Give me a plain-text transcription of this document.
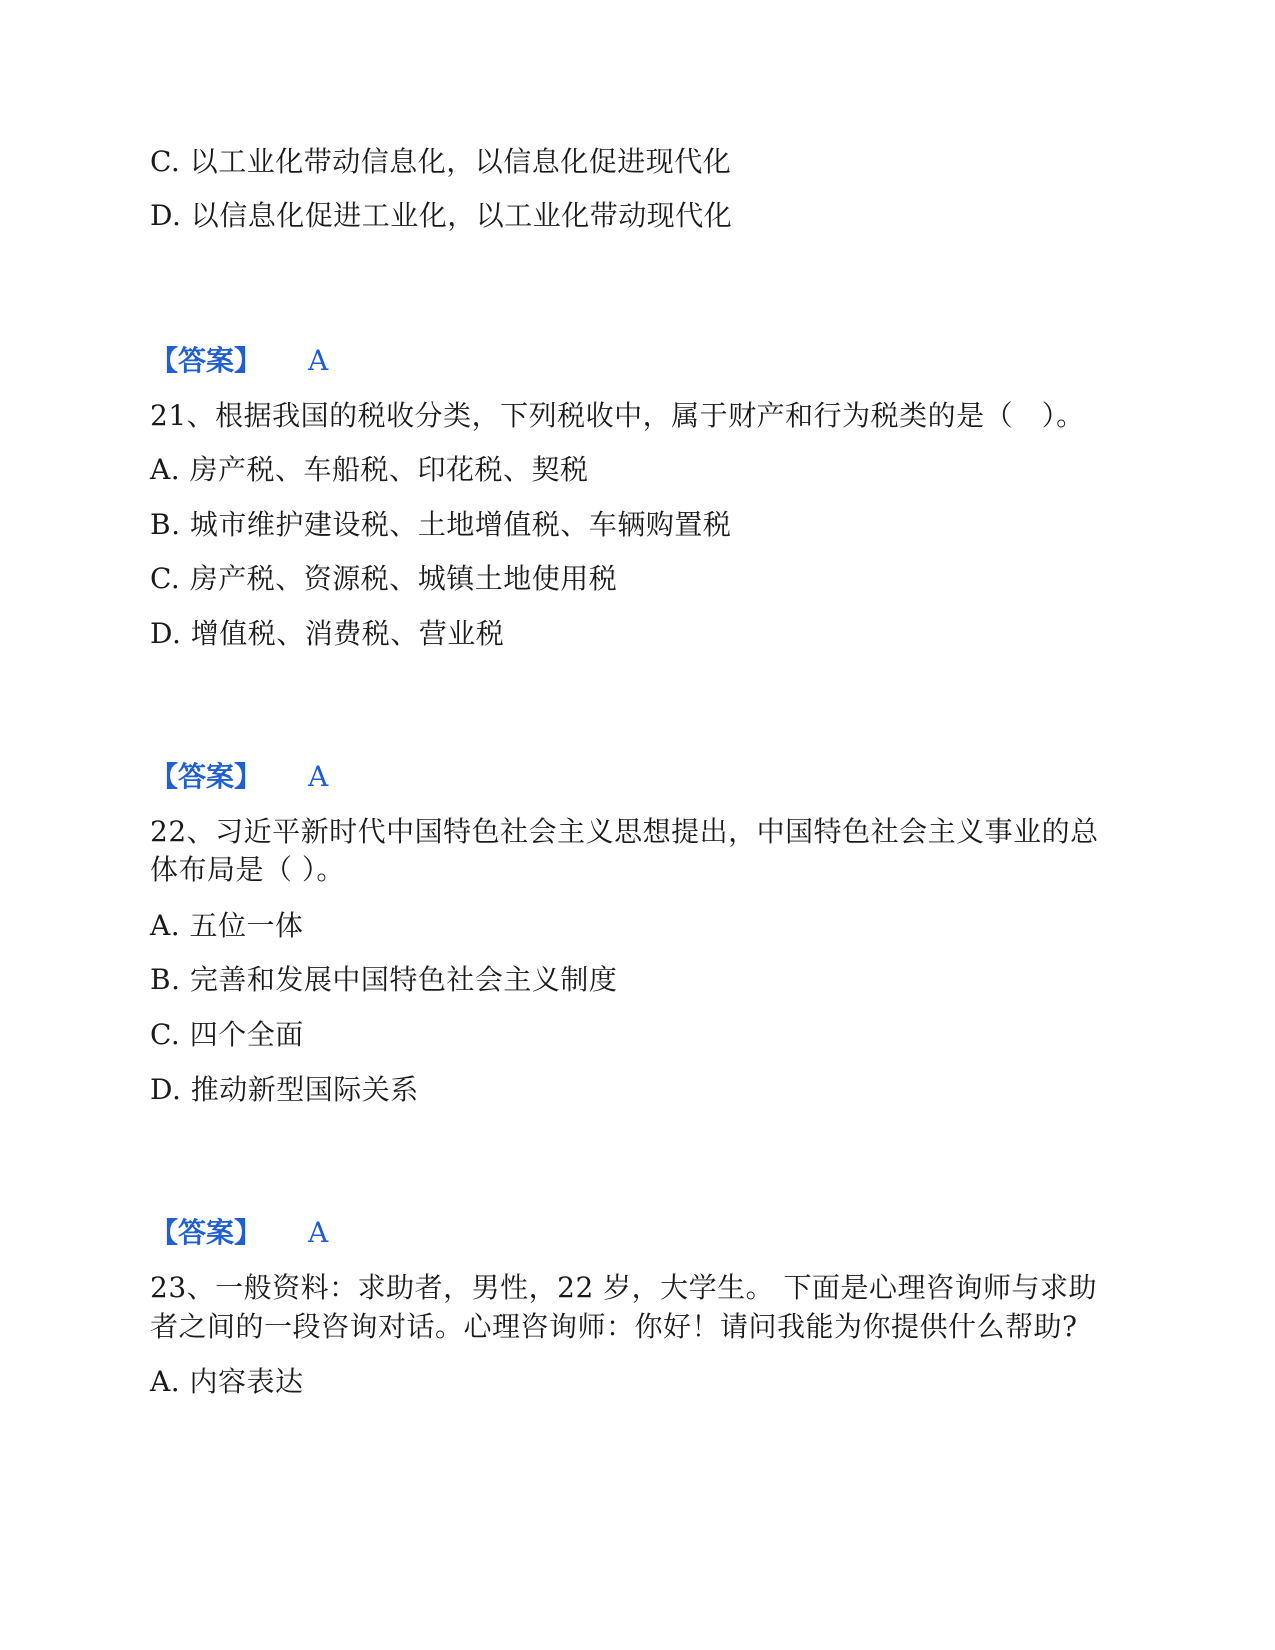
C. 以工业化带动信息化，以信息化促进现代化
D. 以信息化促进工业化，以工业化带动现代化
【答案】 A
21、根据我国的税收分类，下列税收中，属于财产和行为税类的是（　）。
A. 房产税、车船税、印花税、契税
B. 城市维护建设税、土地增值税、车辆购置税
C. 房产税、资源税、城镇土地使用税
D. 增值税、消费税、营业税
【答案】 A
22、习近平新时代中国特色社会主义思想提出，中国特色社会主义事业的总
体布局是（ ）。
A. 五位一体
B. 完善和发展中国特色社会主义制度
C. 四个全面
D. 推动新型国际关系
【答案】 A
23、一般资料：求助者，男性，22 岁，大学生。 下面是心理咨询师与求助
者之间的一段咨询对话。心理咨询师：你好！请问我能为你提供什么帮助?
A. 内容表达
